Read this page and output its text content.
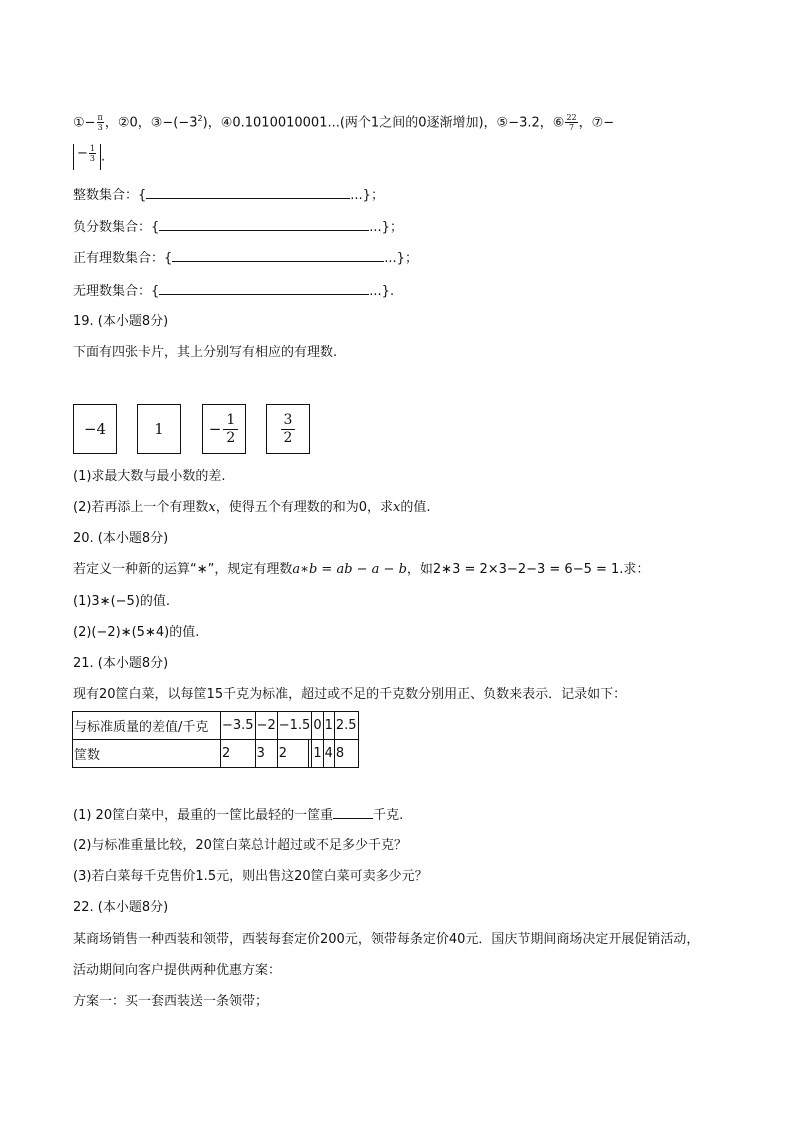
①− $\frac{\pi}{3}$ ，②0，$③-(-3^2)$，④0.1010010001...(两个1之间的0逐渐增加)，⑤−3.2，⑥ $\frac{22}{7}$ ，⑦−
− $\frac{1}{3}$ .
整数集合：{	...}；
负分数集合：{	...}；
正有理数集合：{	...}；
无理数集合：{	...}.
19. (本小题8分)
下面有四张卡片，其上分别写有相应的有理数.
−4	1	− $\frac{1}{2}$	$\frac{3}{2}$
(1)求最大数与最小数的差.
(2)若再添上一个有理数x，使得五个有理数的和为0，求x的值.
20. (本小题8分)
若定义一种新的运算“∗”，规定有理数a∗b = ab − a − b，如2∗3 = 2×3−2−3 = 6−5 = 1.求：
(1)3∗(−5)的值.
(2)(−2)∗(5∗4)的值.
21. (本小题8分)
现有20筐白菜，以每筐15千克为标准，超过或不足的千克数分别用正、负数来表示．记录如下：
与标准质量的差值/千克	−3.5	−2	−1.5		0	1	2.5
筐数	2	3	2		1	4	8
(1) 20筐白菜中，最重的一筐比最轻的一筐重	千克.
(2)与标准重量比较，20筐白菜总计超过或不足多少千克？
(3)若白菜每千克售价1.5元，则出售这20筐白菜可卖多少元？
22. (本小题8分)
某商场销售一种西装和领带，西装每套定价200元，领带每条定价40元．国庆节期间商场决定开展促销活动，
活动期间向客户提供两种优惠方案：
方案一：买一套西装送一条领带；
